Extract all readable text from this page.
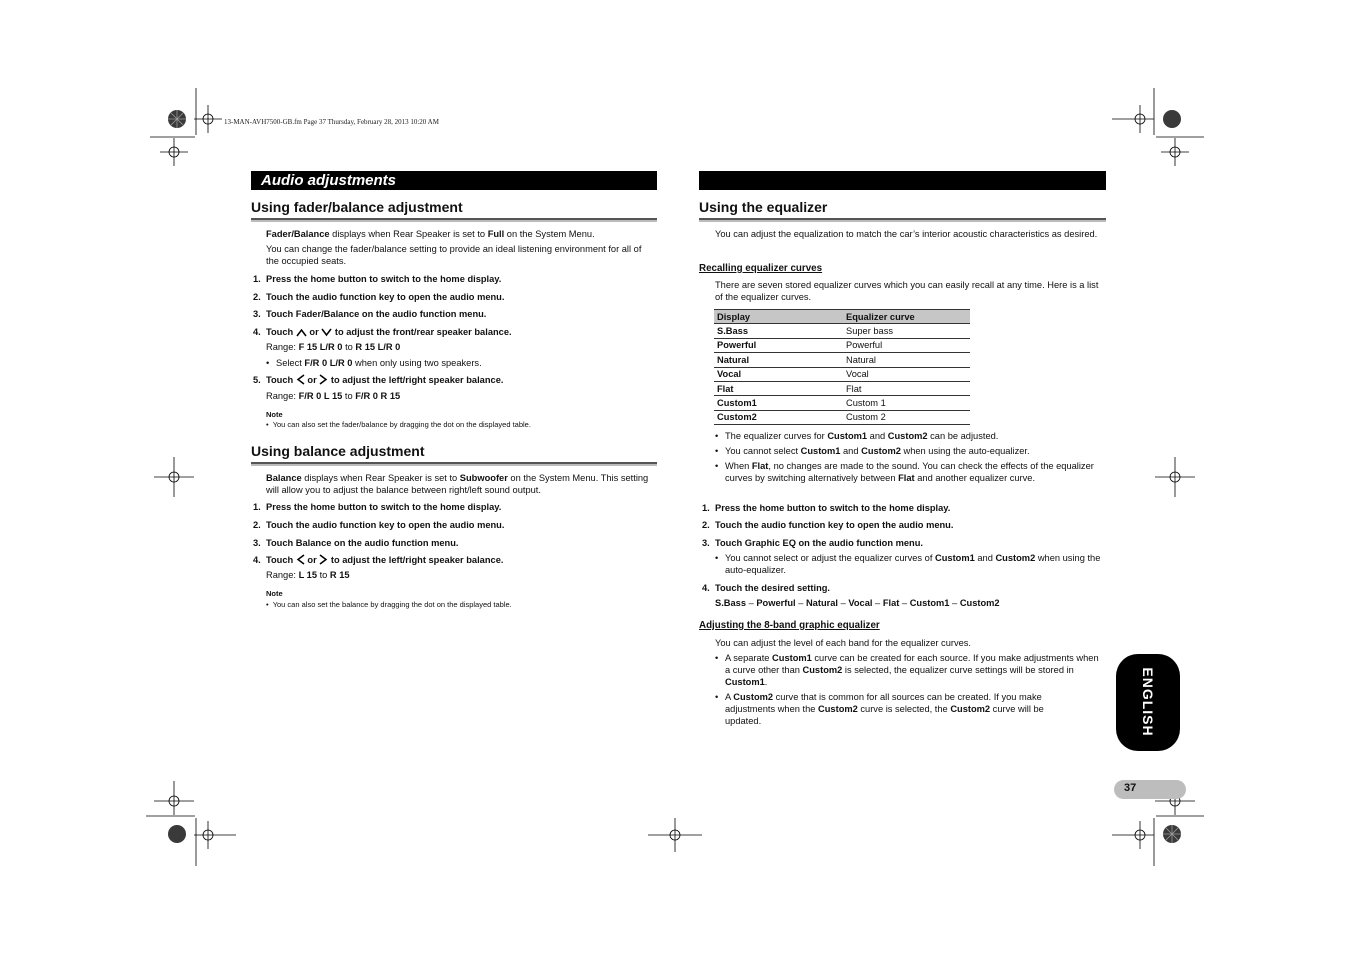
13-MAN-AVH7500-GB.fm Page 37 Thursday, February 28, 2013 10:20 AM
Audio adjustments
Using fader/balance adjustment
Fader/Balance displays when Rear Speaker is set to Full on the System Menu.
You can change the fader/balance setting to provide an ideal listening environment for all of the occupied seats.
1. Press the home button to switch to the home display.
2. Touch the audio function key to open the audio menu.
3. Touch Fader/Balance on the audio function menu.
4. Touch or to adjust the front/rear speaker balance.
Range: F 15 L/R 0 to R 15 L/R 0
• Select F/R 0 L/R 0 when only using two speakers.
5. Touch or to adjust the left/right speaker balance.
Range: F/R 0 L 15 to F/R 0 R 15
Note
• You can also set the fader/balance by dragging the dot on the displayed table.
Using balance adjustment
Balance displays when Rear Speaker is set to Subwoofer on the System Menu. This setting will allow you to adjust the balance between right/left sound output.
1. Press the home button to switch to the home display.
2. Touch the audio function key to open the audio menu.
3. Touch Balance on the audio function menu.
4. Touch or to adjust the left/right speaker balance.
Range: L 15 to R 15
Note
• You can also set the balance by dragging the dot on the displayed table.
Using the equalizer
You can adjust the equalization to match the car’s interior acoustic characteristics as desired.
Recalling equalizer curves
There are seven stored equalizer curves which you can easily recall at any time. Here is a list of the equalizer curves.
Display	Equalizer curve
S.Bass	Super bass
Powerful	Powerful
Natural	Natural
Vocal	Vocal
Flat	Flat
Custom1	Custom 1
Custom2	Custom 2
• The equalizer curves for Custom1 and Custom2 can be adjusted.
• You cannot select Custom1 and Custom2 when using the auto-equalizer.
• When Flat, no changes are made to the sound. You can check the effects of the equalizer curves by switching alternatively between Flat and another equalizer curve.
1. Press the home button to switch to the home display.
2. Touch the audio function key to open the audio menu.
3. Touch Graphic EQ on the audio function menu.
• You cannot select or adjust the equalizer curves of Custom1 and Custom2 when using the auto-equalizer.
4. Touch the desired setting.
S.Bass – Powerful – Natural – Vocal – Flat – Custom1 – Custom2
Adjusting the 8-band graphic equalizer
You can adjust the level of each band for the equalizer curves.
• A separate Custom1 curve can be created for each source. If you make adjustments when a curve other than Custom2 is selected, the equalizer curve settings will be stored in Custom1.
• A Custom2 curve that is common for all sources can be created. If you make adjustments when the Custom2 curve is selected, the Custom2 curve will be updated.	ENGLISH
37
